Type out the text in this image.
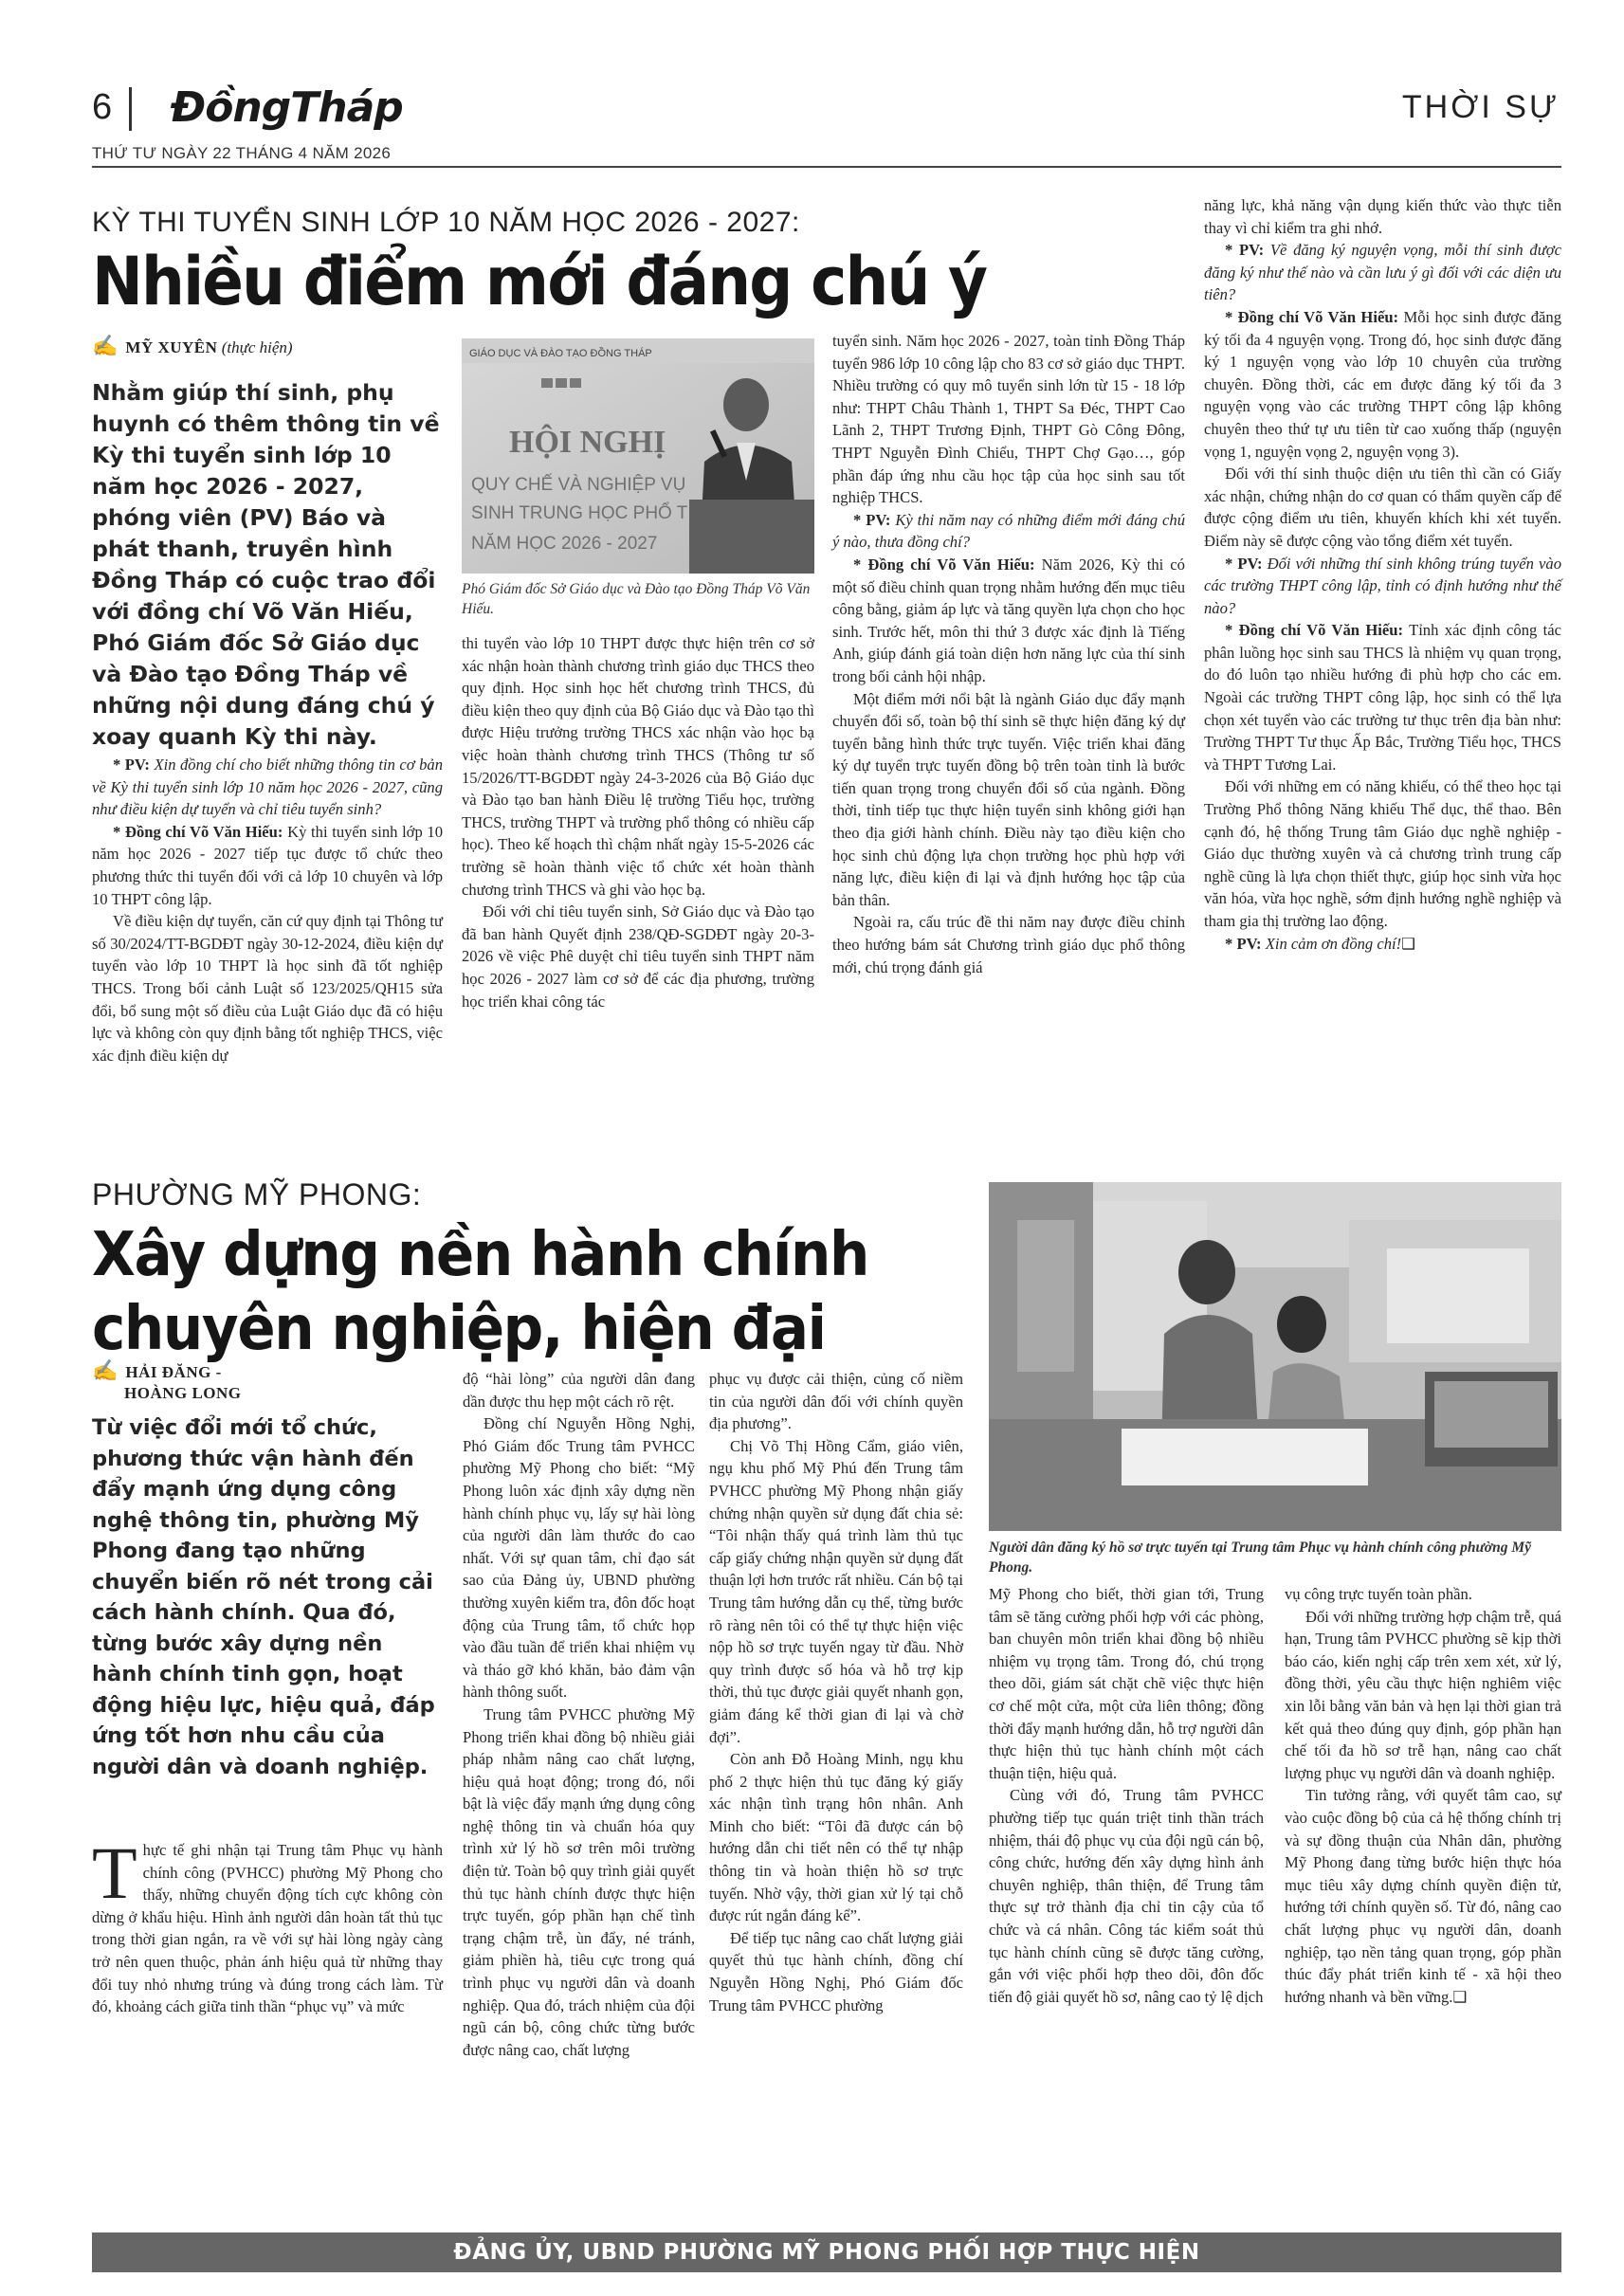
6 ĐồngTháp	THỜI SỰ
THỨ TƯ NGÀY 22 THÁNG 4 NĂM 2026
KỲ THI TUYỂN SINH LỚP 10 NĂM HỌC 2026 - 2027:
Nhiều điểm mới đáng chú ý
✍ MỸ XUYÊN (thực hiện)
Nhằm giúp thí sinh, phụ huynh có thêm thông tin về Kỳ thi tuyển sinh lớp 10 năm học 2026 - 2027, phóng viên (PV) Báo và phát thanh, truyền hình Đồng Tháp có cuộc trao đổi với đồng chí Võ Văn Hiếu, Phó Giám đốc Sở Giáo dục và Đào tạo Đồng Tháp về những nội dung đáng chú ý xoay quanh Kỳ thi này.
GIÁO DỤC VÀ ĐÀO TẠO ĐỒNG THÁP
HỘI NGHỊ
QUY CHẾ VÀ NGHIỆP VỤ
SINH TRUNG HỌC PHỔ T
NĂM HỌC 2026 - 2027
Phó Giám đốc Sở Giáo dục và Đào tạo Đồng Tháp Võ Văn Hiếu.

* PV: Xin đồng chí cho biết những thông tin cơ bản về Kỳ thi tuyển sinh lớp 10 năm học 2026 - 2027, cũng như điều kiện dự tuyển và chỉ tiêu tuyển sinh?

* Đồng chí Võ Văn Hiếu: Kỳ thi tuyển sinh lớp 10 năm học 2026 - 2027 tiếp tục được tổ chức theo phương thức thi tuyển đối với cả lớp 10 chuyên và lớp 10 THPT công lập.

Về điều kiện dự tuyển, căn cứ quy định tại Thông tư số 30/2024/TT-BGDĐT ngày 30-12-2024, điều kiện dự tuyển vào lớp 10 THPT là học sinh đã tốt nghiệp THCS. Trong bối cảnh Luật số 123/2025/QH15 sửa đổi, bổ sung một số điều của Luật Giáo dục đã có hiệu lực và không còn quy định bằng tốt nghiệp THCS, việc xác định điều kiện dự

thi tuyển vào lớp 10 THPT được thực hiện trên cơ sở xác nhận hoàn thành chương trình giáo dục THCS theo quy định. Học sinh học hết chương trình THCS, đủ điều kiện theo quy định của Bộ Giáo dục và Đào tạo thì được Hiệu trưởng trường THCS xác nhận vào học bạ việc hoàn thành chương trình THCS (Thông tư số 15/2026/TT-BGDĐT ngày 24-3-2026 của Bộ Giáo dục và Đào tạo ban hành Điều lệ trường Tiểu học, trường THCS, trường THPT và trường phổ thông có nhiều cấp học). Theo kế hoạch thì chậm nhất ngày 15-5-2026 các trường sẽ hoàn thành việc tổ chức xét hoàn thành chương trình THCS và ghi vào học bạ.

Đối với chỉ tiêu tuyển sinh, Sở Giáo dục và Đào tạo đã ban hành Quyết định 238/QĐ-SGDĐT ngày 20-3-2026 về việc Phê duyệt chỉ tiêu tuyển sinh THPT năm học 2026 - 2027 làm cơ sở để các địa phương, trường học triển khai công tác

tuyển sinh. Năm học 2026 - 2027, toàn tỉnh Đồng Tháp tuyển 986 lớp 10 công lập cho 83 cơ sở giáo dục THPT. Nhiều trường có quy mô tuyển sinh lớn từ 15 - 18 lớp như: THPT Châu Thành 1, THPT Sa Đéc, THPT Cao Lãnh 2, THPT Trương Định, THPT Gò Công Đông, THPT Nguyễn Đình Chiểu, THPT Chợ Gạo…, góp phần đáp ứng nhu cầu học tập của học sinh sau tốt nghiệp THCS.

* PV: Kỳ thi năm nay có những điểm mới đáng chú ý nào, thưa đồng chí?

* Đồng chí Võ Văn Hiếu: Năm 2026, Kỳ thi có một số điều chỉnh quan trọng nhằm hướng đến mục tiêu công bằng, giảm áp lực và tăng quyền lựa chọn cho học sinh. Trước hết, môn thi thứ 3 được xác định là Tiếng Anh, giúp đánh giá toàn diện hơn năng lực của thí sinh trong bối cảnh hội nhập.

Một điểm mới nổi bật là ngành Giáo dục đẩy mạnh chuyển đổi số, toàn bộ thí sinh sẽ thực hiện đăng ký dự tuyển bằng hình thức trực tuyến. Việc triển khai đăng ký dự tuyển trực tuyến đồng bộ trên toàn tỉnh là bước tiến quan trọng trong chuyển đổi số của ngành. Đồng thời, tỉnh tiếp tục thực hiện tuyển sinh không giới hạn theo địa giới hành chính. Điều này tạo điều kiện cho học sinh chủ động lựa chọn trường học phù hợp với năng lực, điều kiện đi lại và định hướng học tập của bản thân.

Ngoài ra, cấu trúc đề thi năm nay được điều chỉnh theo hướng bám sát Chương trình giáo dục phổ thông mới, chú trọng đánh giá

năng lực, khả năng vận dụng kiến thức vào thực tiễn thay vì chỉ kiểm tra ghi nhớ.

* PV: Về đăng ký nguyện vọng, mỗi thí sinh được đăng ký như thế nào và cần lưu ý gì đối với các diện ưu tiên?

* Đồng chí Võ Văn Hiếu: Mỗi học sinh được đăng ký tối đa 4 nguyện vọng. Trong đó, học sinh được đăng ký 1 nguyện vọng vào lớp 10 chuyên của trường chuyên. Đồng thời, các em được đăng ký tối đa 3 nguyện vọng vào các trường THPT công lập không chuyên theo thứ tự ưu tiên từ cao xuống thấp (nguyện vọng 1, nguyện vọng 2, nguyện vọng 3).

Đối với thí sinh thuộc diện ưu tiên thì cần có Giấy xác nhận, chứng nhận do cơ quan có thẩm quyền cấp để được cộng điểm ưu tiên, khuyến khích khi xét tuyển. Điểm này sẽ được cộng vào tổng điểm xét tuyển.

* PV: Đối với những thí sinh không trúng tuyển vào các trường THPT công lập, tỉnh có định hướng như thế nào?

* Đồng chí Võ Văn Hiếu: Tỉnh xác định công tác phân luồng học sinh sau THCS là nhiệm vụ quan trọng, do đó luôn tạo nhiều hướng đi phù hợp cho các em. Ngoài các trường THPT công lập, học sinh có thể lựa chọn xét tuyển vào các trường tư thục trên địa bàn như: Trường THPT Tư thục Ấp Bắc, Trường Tiểu học, THCS và THPT Tương Lai.

Đối với những em có năng khiếu, có thể theo học tại Trường Phổ thông Năng khiếu Thể dục, thể thao. Bên cạnh đó, hệ thống Trung tâm Giáo dục nghề nghiệp - Giáo dục thường xuyên và cả chương trình trung cấp nghề cũng là lựa chọn thiết thực, giúp học sinh vừa học văn hóa, vừa học nghề, sớm định hướng nghề nghiệp và tham gia thị trường lao động.

* PV: Xin cảm ơn đồng chí!❑

PHƯỜNG MỸ PHONG:
Xây dựng nền hành chính
chuyên nghiệp, hiện đại
✍ HẢI ĐĂNG -
HOÀNG LONG
Từ việc đổi mới tổ chức, phương thức vận hành đến đẩy mạnh ứng dụng công nghệ thông tin, phường Mỹ Phong đang tạo những chuyển biến rõ nét trong cải cách hành chính. Qua đó, từng bước xây dựng nền hành chính tinh gọn, hoạt động hiệu lực, hiệu quả, đáp ứng tốt hơn nhu cầu của người dân và doanh nghiệp.
Người dân đăng ký hồ sơ trực tuyến tại Trung tâm Phục vụ hành chính công phường Mỹ Phong.

Thực tế ghi nhận tại Trung tâm Phục vụ hành chính công (PVHCC) phường Mỹ Phong cho thấy, những chuyển động tích cực không còn dừng ở khẩu hiệu. Hình ảnh người dân hoàn tất thủ tục trong thời gian ngắn, ra về với sự hài lòng ngày càng trở nên quen thuộc, phản ánh hiệu quả từ những thay đổi tuy nhỏ nhưng trúng và đúng trong cách làm. Từ đó, khoảng cách giữa tinh thần “phục vụ” và mức

độ “hài lòng” của người dân đang dần được thu hẹp một cách rõ rệt.

Đồng chí Nguyễn Hồng Nghị, Phó Giám đốc Trung tâm PVHCC phường Mỹ Phong cho biết: “Mỹ Phong luôn xác định xây dựng nền hành chính phục vụ, lấy sự hài lòng của người dân làm thước đo cao nhất. Với sự quan tâm, chỉ đạo sát sao của Đảng ủy, UBND phường thường xuyên kiểm tra, đôn đốc hoạt động của Trung tâm, tổ chức họp vào đầu tuần để triển khai nhiệm vụ và tháo gỡ khó khăn, bảo đảm vận hành thông suốt.

Trung tâm PVHCC phường Mỹ Phong triển khai đồng bộ nhiều giải pháp nhằm nâng cao chất lượng, hiệu quả hoạt động; trong đó, nổi bật là việc đẩy mạnh ứng dụng công nghệ thông tin và chuẩn hóa quy trình xử lý hồ sơ trên môi trường điện tử. Toàn bộ quy trình giải quyết thủ tục hành chính được thực hiện trực tuyến, góp phần hạn chế tình trạng chậm trễ, ùn đẩy, né tránh, giảm phiền hà, tiêu cực trong quá trình phục vụ người dân và doanh nghiệp. Qua đó, trách nhiệm của đội ngũ cán bộ, công chức từng bước được nâng cao, chất lượng

phục vụ được cải thiện, củng cố niềm tin của người dân đối với chính quyền địa phương”.

Chị Võ Thị Hồng Cẩm, giáo viên, ngụ khu phố Mỹ Phú đến Trung tâm PVHCC phường Mỹ Phong nhận giấy chứng nhận quyền sử dụng đất chia sẻ: “Tôi nhận thấy quá trình làm thủ tục cấp giấy chứng nhận quyền sử dụng đất thuận lợi hơn trước rất nhiều. Cán bộ tại Trung tâm hướng dẫn cụ thể, từng bước rõ ràng nên tôi có thể tự thực hiện việc nộp hồ sơ trực tuyến ngay từ đầu. Nhờ quy trình được số hóa và hỗ trợ kịp thời, thủ tục được giải quyết nhanh gọn, giảm đáng kể thời gian đi lại và chờ đợi”.

Còn anh Đỗ Hoàng Minh, ngụ khu phố 2 thực hiện thủ tục đăng ký giấy xác nhận tình trạng hôn nhân. Anh Minh cho biết: “Tôi đã được cán bộ hướng dẫn chi tiết nên có thể tự nhập thông tin và hoàn thiện hồ sơ trực tuyến. Nhờ vậy, thời gian xử lý tại chỗ được rút ngắn đáng kể”.

Để tiếp tục nâng cao chất lượng giải quyết thủ tục hành chính, đồng chí Nguyễn Hồng Nghị, Phó Giám đốc Trung tâm PVHCC phường

Mỹ Phong cho biết, thời gian tới, Trung tâm sẽ tăng cường phối hợp với các phòng, ban chuyên môn triển khai đồng bộ nhiều nhiệm vụ trọng tâm. Trong đó, chú trọng theo dõi, giám sát chặt chẽ việc thực hiện cơ chế một cửa, một cửa liên thông; đồng thời đẩy mạnh hướng dẫn, hỗ trợ người dân thực hiện thủ tục hành chính một cách thuận tiện, hiệu quả.

Cùng với đó, Trung tâm PVHCC phường tiếp tục quán triệt tinh thần trách nhiệm, thái độ phục vụ của đội ngũ cán bộ, công chức, hướng đến xây dựng hình ảnh chuyên nghiệp, thân thiện, để Trung tâm thực sự trở thành địa chỉ tin cậy của tổ chức và cá nhân. Công tác kiểm soát thủ tục hành chính cũng sẽ được tăng cường, gắn với việc phối hợp theo dõi, đôn đốc tiến độ giải quyết hồ sơ, nâng cao tỷ lệ dịch

vụ công trực tuyến toàn phần.

Đối với những trường hợp chậm trễ, quá hạn, Trung tâm PVHCC phường sẽ kịp thời báo cáo, kiến nghị cấp trên xem xét, xử lý, đồng thời, yêu cầu thực hiện nghiêm việc xin lỗi bằng văn bản và hẹn lại thời gian trả kết quả theo đúng quy định, góp phần hạn chế tối đa hồ sơ trễ hạn, nâng cao chất lượng phục vụ người dân và doanh nghiệp.

Tin tưởng rằng, với quyết tâm cao, sự vào cuộc đồng bộ của cả hệ thống chính trị và sự đồng thuận của Nhân dân, phường Mỹ Phong đang từng bước hiện thực hóa mục tiêu xây dựng chính quyền điện tử, hướng tới chính quyền số. Từ đó, nâng cao chất lượng phục vụ người dân, doanh nghiệp, tạo nền tảng quan trọng, góp phần thúc đẩy phát triển kinh tế - xã hội theo hướng nhanh và bền vững.❑

ĐẢNG ỦY, UBND PHƯỜNG MỸ PHONG PHỐI HỢP THỰC HIỆN
